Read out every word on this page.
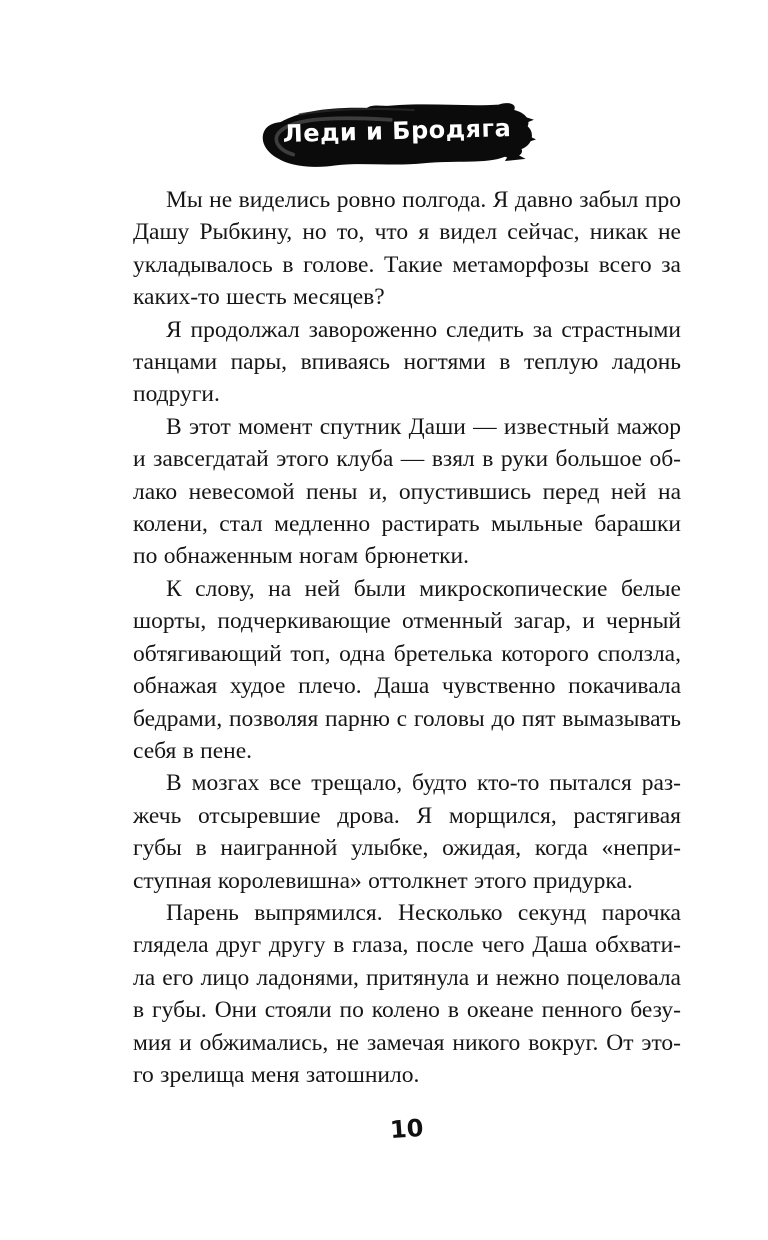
Леди и Бродяга

Мы не виделись ровно полгода. Я давно забыл про Дашу Рыбкину, но то, что я видел сейчас, никак не укладывалось в голове. Такие метаморфозы всего за каких-то шесть месяцев?

Я продолжал завороженно следить за страстными танцами пары, впиваясь ногтями в теплую ладонь подруги.

В этот момент спутник Даши — известный мажор и завсегдатай этого клуба — взял в руки большое облако невесомой пены и, опустившись перед ней на колени, стал медленно растирать мыльные барашки по обнаженным ногам брюнетки.

К слову, на ней были микроскопические белые шорты, подчеркивающие отменный загар, и черный обтягивающий топ, одна бретелька которого сползла, обнажая худое плечо. Даша чувственно покачивала бедрами, позволяя парню с головы до пят вымазывать себя в пене.

В мозгах все трещало, будто кто-то пытался разжечь отсыревшие дрова. Я морщился, растягивая губы в наигранной улыбке, ожидая, когда «неприступная королевишна» оттолкнет этого придурка.

Парень выпрямился. Несколько секунд парочка глядела друг другу в глаза, после чего Даша обхватила его лицо ладонями, притянула и нежно поцеловала в губы. Они стояли по колено в океане пенного безумия и обжимались, не замечая никого вокруг. От этого зрелища меня затошнило.

10
